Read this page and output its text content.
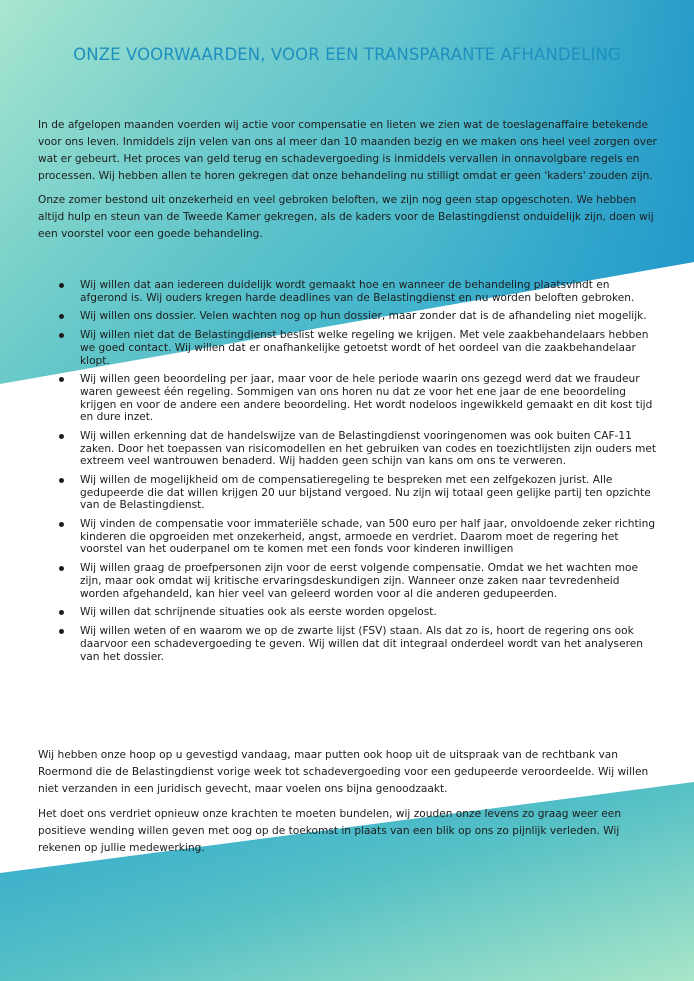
ONZE VOORWAARDEN, VOOR EEN TRANSPARANTE AFHANDELING

In de afgelopen maanden voerden wij actie voor compensatie en lieten we zien wat de toeslagenaffaire betekende voor ons leven. Inmiddels zijn velen van ons al meer dan 10 maanden bezig en we maken ons heel veel zorgen over wat er gebeurt. Het proces van geld terug en schadevergoeding is inmiddels vervallen in onnavolgbare regels en processen. Wij hebben allen te horen gekregen dat onze behandeling nu stilligt omdat er geen 'kaders' zouden zijn.

Onze zomer bestond uit onzekerheid en veel gebroken beloften, we zijn nog geen stap opgeschoten. We hebben altijd hulp en steun van de Tweede Kamer gekregen, als de kaders voor de Belastingdienst onduidelijk zijn, doen wij een voorstel voor een goede behandeling.

Wij willen dat aan iedereen duidelijk wordt gemaakt hoe en wanneer de behandeling plaatsvindt en afgerond is. Wij ouders kregen harde deadlines van de Belastingdienst en nu worden beloften gebroken.
Wij willen ons dossier. Velen wachten nog op hun dossier, maar zonder dat is de afhandeling niet mogelijk.
Wij willen niet dat de Belastingdienst beslist welke regeling we krijgen. Met vele zaakbehandelaars hebben we goed contact. Wij willen dat er onafhankelijke getoetst wordt of het oordeel van die zaakbehandelaar klopt.
Wij willen geen beoordeling per jaar, maar voor de hele periode waarin ons gezegd werd dat we fraudeur waren geweest één regeling. Sommigen van ons horen nu dat ze voor het ene jaar de ene beoordeling krijgen en voor de andere een andere beoordeling. Het wordt nodeloos ingewikkeld gemaakt en dit kost tijd en dure inzet.
Wij willen erkenning dat de handelswijze van de Belastingdienst vooringenomen was ook buiten CAF-11 zaken. Door het toepassen van risicomodellen en het gebruiken van codes en toezichtlijsten zijn ouders met extreem veel wantrouwen benaderd. Wij hadden geen schijn van kans om ons te verweren.
Wij willen de mogelijkheid om de compensatieregeling te bespreken met een zelfgekozen jurist. Alle gedupeerde die dat willen krijgen 20 uur bijstand vergoed. Nu zijn wij totaal geen gelijke partij ten opzichte van de Belastingdienst.
Wij vinden de compensatie voor immateriële schade, van 500 euro per half jaar, onvoldoende zeker richting kinderen die opgroeiden met onzekerheid, angst, armoede en verdriet. Daarom moet de regering het voorstel van het ouderpanel om te komen met een fonds voor kinderen inwilligen
Wij willen graag de proefpersonen zijn voor de eerst volgende compensatie. Omdat we het wachten moe zijn, maar ook omdat wij kritische ervaringsdeskundigen zijn. Wanneer onze zaken naar tevredenheid worden afgehandeld, kan hier veel van geleerd worden voor al die anderen gedupeerden.
Wij willen dat schrijnende situaties ook als eerste worden opgelost.
Wij willen weten of en waarom we op de zwarte lijst (FSV) staan. Als dat zo is, hoort de regering ons ook daarvoor een schadevergoeding te geven. Wij willen dat dit integraal onderdeel wordt van het analyseren van het dossier.

Wij hebben onze hoop op u gevestigd vandaag, maar putten ook hoop uit de uitspraak van de rechtbank van Roermond die de Belastingdienst vorige week tot schadevergoeding voor een gedupeerde veroordeelde. Wij willen niet verzanden in een juridisch gevecht, maar voelen ons bijna genoodzaakt.

Het doet ons verdriet opnieuw onze krachten te moeten bundelen, wij zouden onze levens zo graag weer een positieve wending willen geven met oog op de toekomst in plaats van een blik op ons zo pijnlijk verleden. Wij rekenen op jullie medewerking.
